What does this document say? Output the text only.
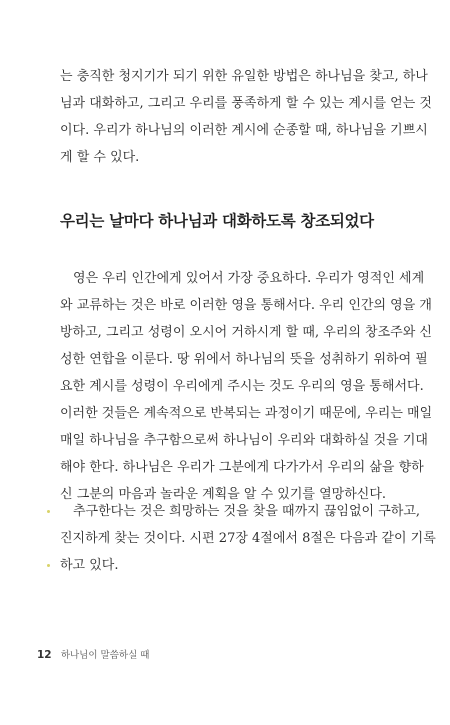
는 충직한 청지기가 되기 위한 유일한 방법은 하나님을 찾고, 하나
님과 대화하고, 그리고 우리를 풍족하게 할 수 있는 계시를 얻는 것
이다. 우리가 하나님의 이러한 계시에 순종할 때, 하나님을 기쁘시
게 할 수 있다.

우리는 날마다 하나님과 대화하도록 창조되었다

영은 우리 인간에게 있어서 가장 중요하다. 우리가 영적인 세계
와 교류하는 것은 바로 이러한 영을 통해서다. 우리 인간의 영을 개
방하고, 그리고 성령이 오시어 거하시게 할 때, 우리의 창조주와 신
성한 연합을 이룬다. 땅 위에서 하나님의 뜻을 성취하기 위하여 필
요한 계시를 성령이 우리에게 주시는 것도 우리의 영을 통해서다.
이러한 것들은 계속적으로 반복되는 과정이기 때문에, 우리는 매일
매일 하나님을 추구함으로써 하나님이 우리와 대화하실 것을 기대
해야 한다. 하나님은 우리가 그분에게 다가가서 우리의 삶을 향하
신 그분의 마음과 놀라운 계획을 알 수 있기를 열망하신다.

추구한다는 것은 희망하는 것을 찾을 때까지 끊임없이 구하고,
진지하게 찾는 것이다. 시편 27장 4절에서 8절은 다음과 같이 기록
하고 있다.

12 하나님이 말씀하실 때
